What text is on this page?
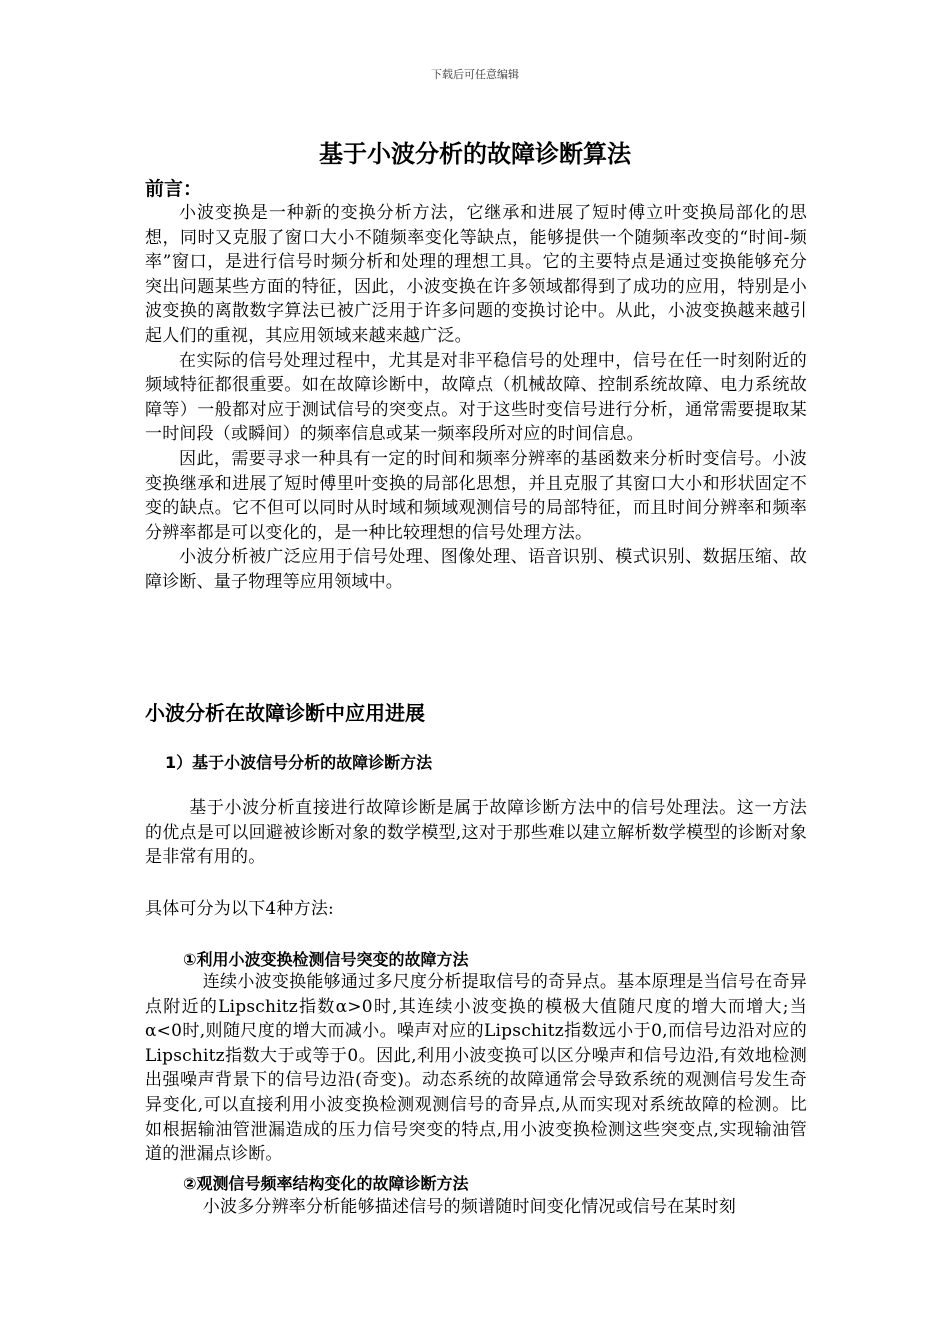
下载后可任意编辑
基于小波分析的故障诊断算法
前言：

小波变换是一种新的变换分析方法，它继承和进展了短时傅立叶变换局部化的思想，同时又克服了窗口大小不随频率变化等缺点，能够提供一个随频率改变的“时间-频率”窗口，是进行信号时频分析和处理的理想工具。它的主要特点是通过变换能够充分突出问题某些方面的特征，因此，小波变换在许多领域都得到了成功的应用，特别是小波变换的离散数字算法已被广泛用于许多问题的变换讨论中。从此，小波变换越来越引起人们的重视，其应用领域来越来越广泛。

在实际的信号处理过程中，尤其是对非平稳信号的处理中，信号在任一时刻附近的频域特征都很重要。如在故障诊断中，故障点（机械故障、控制系统故障、电力系统故障等）一般都对应于测试信号的突变点。对于这些时变信号进行分析，通常需要提取某一时间段（或瞬间）的频率信息或某一频率段所对应的时间信息。

因此，需要寻求一种具有一定的时间和频率分辨率的基函数来分析时变信号。小波变换继承和进展了短时傅里叶变换的局部化思想，并且克服了其窗口大小和形状固定不变的缺点。它不但可以同时从时域和频域观测信号的局部特征，而且时间分辨率和频率分辨率都是可以变化的，是一种比较理想的信号处理方法。

小波分析被广泛应用于信号处理、图像处理、语音识别、模式识别、数据压缩、故障诊断、量子物理等应用领域中。

小波分析在故障诊断中应用进展
1）基于小波信号分析的故障诊断方法

基于小波分析直接进行故障诊断是属于故障诊断方法中的信号处理法。这一方法的优点是可以回避被诊断对象的数学模型,这对于那些难以建立解析数学模型的诊断对象是非常有用的。

具体可分为以下4种方法:

①利用小波变换检测信号突变的故障方法

连续小波变换能够通过多尺度分析提取信号的奇异点。基本原理是当信号在奇异点附近的Lipschitz指数α>0时,其连续小波变换的模极大值随尺度的增大而增大;当α<0时,则随尺度的增大而减小。噪声对应的Lipschitz指数远小于0,而信号边沿对应的Lipschitz指数大于或等于0。因此,利用小波变换可以区分噪声和信号边沿,有效地检测出强噪声背景下的信号边沿(奇变)。动态系统的故障通常会导致系统的观测信号发生奇异变化,可以直接利用小波变换检测观测信号的奇异点,从而实现对系统故障的检测。比如根据输油管泄漏造成的压力信号突变的特点,用小波变换检测这些突变点,实现输油管道的泄漏点诊断。

②观测信号频率结构变化的故障诊断方法

小波多分辨率分析能够描述信号的频谱随时间变化情况或信号在某时刻
